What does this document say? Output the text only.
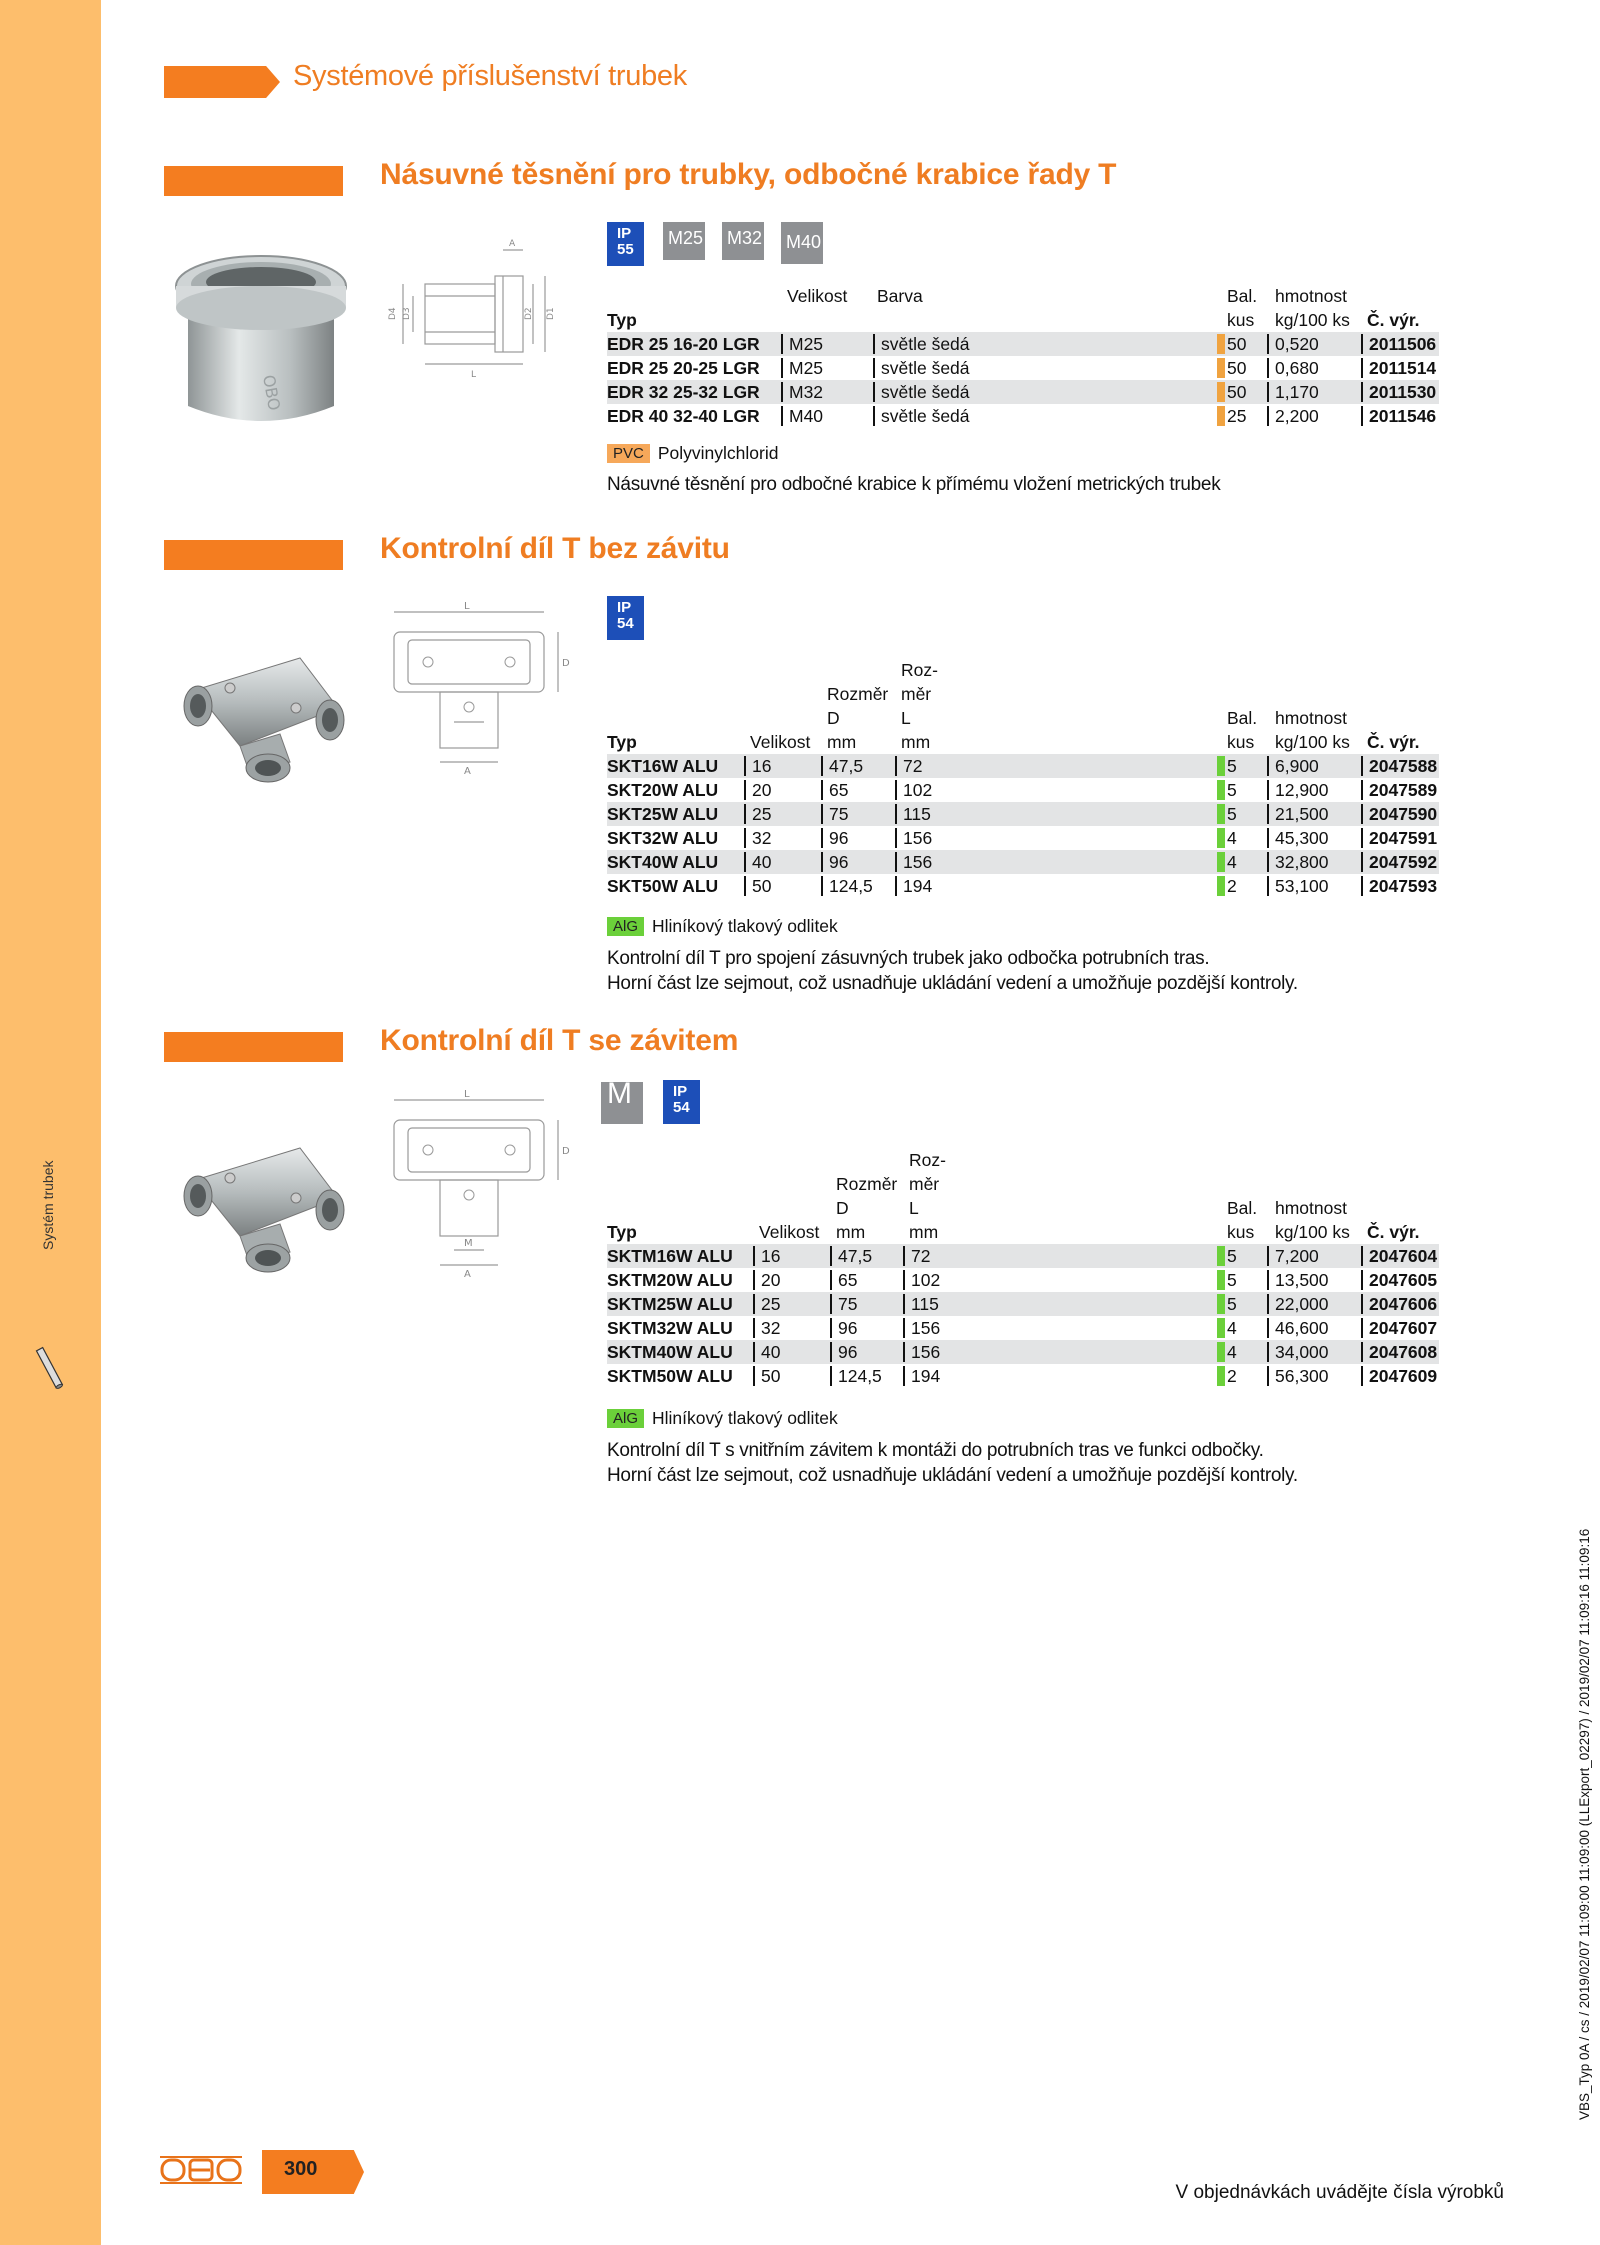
Systém trubek
Systémové příslušenství trubek
Násuvné těsnění pro trubky, odbočné krabice řady T
OBO
A
L
D4 D3	D2 D1
IP
55
M25 M32 M40
Velikost Barva	Bal. hmotnost
Typ	kus kg/100 ks Č. výr.
EDR 25 16-20 LGR	M25	světle šedá	50	0,520	2011506
EDR 25 20-25 LGR	M25	světle šedá	50	0,680	2011514
EDR 32 25-32 LGR	M32	světle šedá	50	1,170	2011530
EDR 40 32-40 LGR	M40	světle šedá	25	2,200	2011546
PVC Polyvinylchlorid
Násuvné těsnění pro odbočné krabice k přímému vložení metrických trubek
Kontrolní díl T bez závitu
L
A
D
IP
54
Roz-
Rozměr měr
D	L	Bal. hmotnost
Typ	Velikost mm	mm	kus kg/100 ks Č. výr.
SKT16W ALU	16	47,5	72	5	6,900	2047588
SKT20W ALU	20	65	102	5	12,900	2047589
SKT25W ALU	25	75	115	5	21,500	2047590
SKT32W ALU	32	96	156	4	45,300	2047591
SKT40W ALU	40	96	156	4	32,800	2047592
SKT50W ALU	50	124,5	194	2	53,100	2047593
AlG Hliníkový tlakový odlitek
Kontrolní díl T pro spojení zásuvných trubek jako odbočka potrubních tras.
Horní část lze sejmout, což usnadňuje ukládání vedení a umožňuje pozdější kontroly.
Kontrolní díl T se závitem
L
M
A
D
M	IP
54
Roz-
Rozměr měr
D	L	Bal. hmotnost
Typ	Velikost mm	mm	kus kg/100 ks Č. výr.
SKTM16W ALU	16	47,5	72	5	7,200	2047604
SKTM20W ALU	20	65	102	5	13,500	2047605
SKTM25W ALU	25	75	115	5	22,000	2047606
SKTM32W ALU	32	96	156	4	46,600	2047607
SKTM40W ALU	40	96	156	4	34,000	2047608
SKTM50W ALU	50	124,5	194	2	56,300	2047609
AlG Hliníkový tlakový odlitek
Kontrolní díl T s vnitřním závitem k montáži do potrubních tras ve funkci odbočky.
Horní část lze sejmout, což usnadňuje ukládání vedení a umožňuje pozdější kontroly.
300
V objednávkách uvádějte čísla výrobků
VBS_Typ 0A / cs / 2019/02/07 11:09:00 11:09:00 (LLExport_02297) / 2019/02/07 11:09:16 11:09:16
